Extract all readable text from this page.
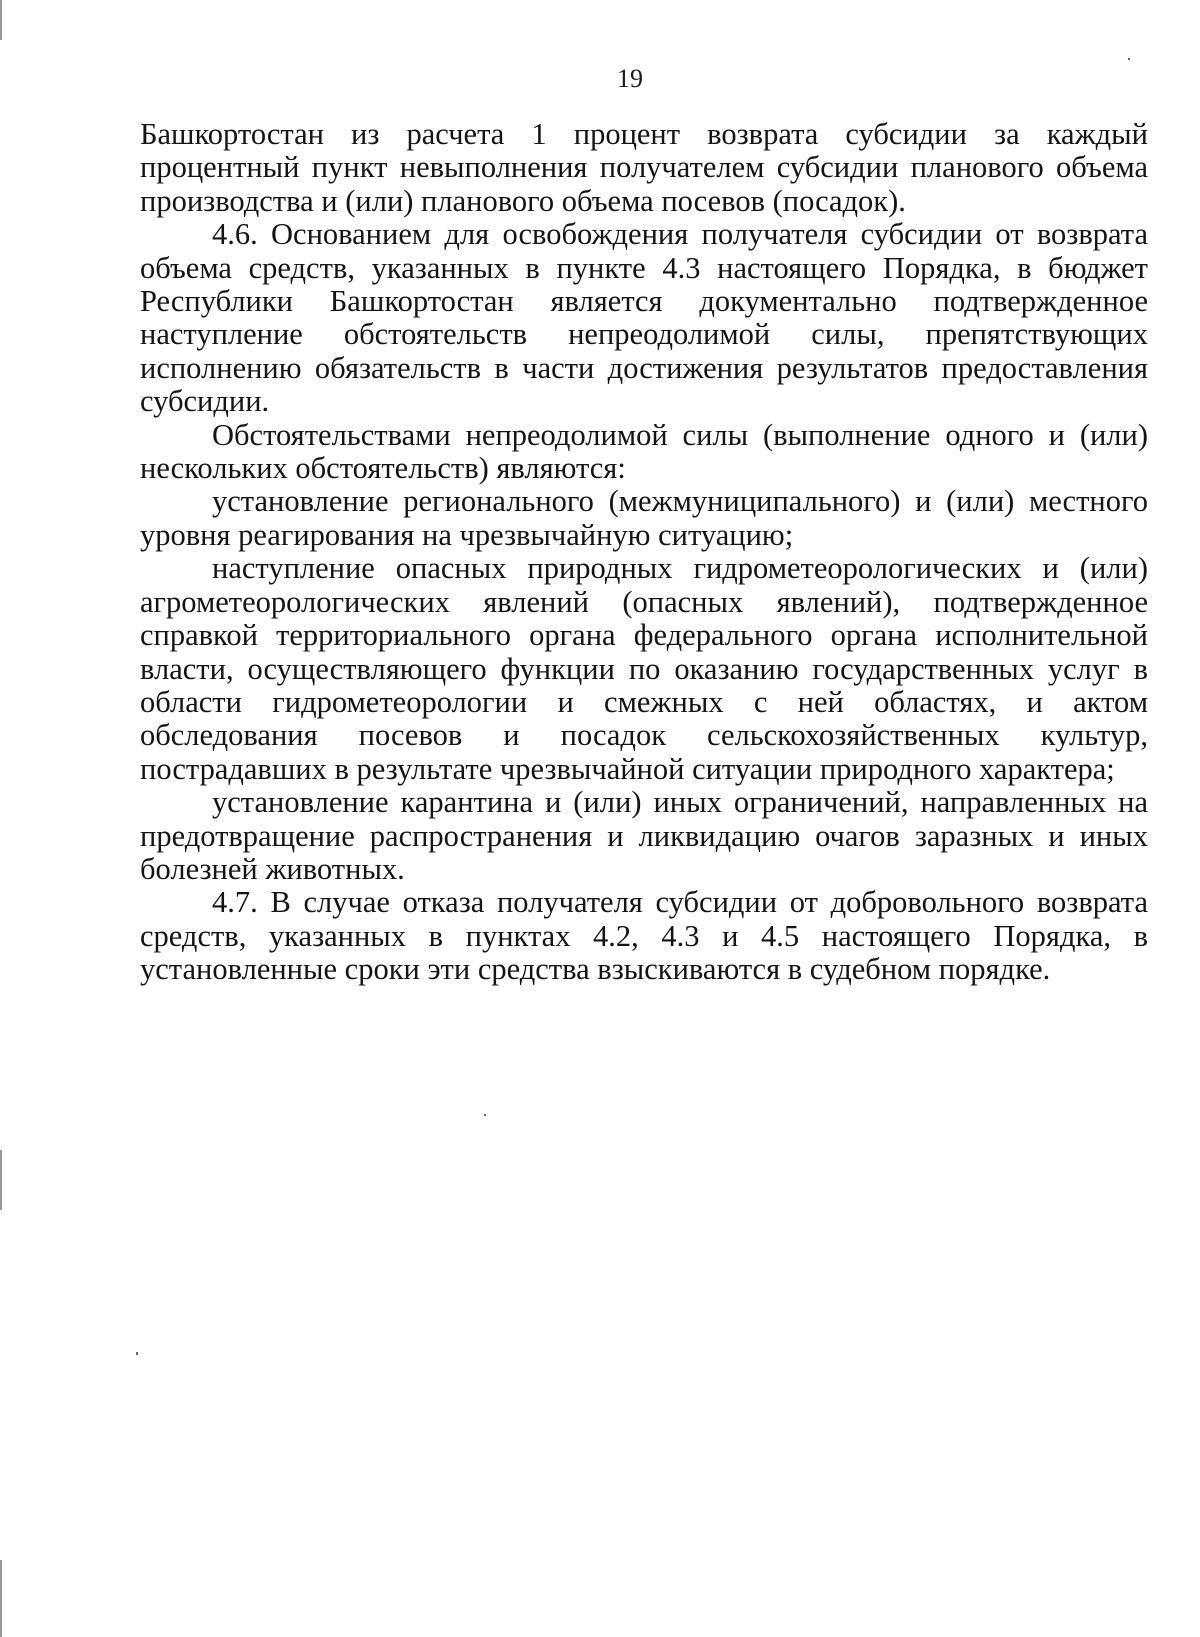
19

Башкортостан из расчета 1 процент возврата субсидии за каждый процентный пункт невыполнения получателем субсидии планового объема производства и (или) планового объема посевов (посадок).

4.6. Основанием для освобождения получателя субсидии от возврата объема средств, указанных в пункте 4.3 настоящего Порядка, в бюджет Республики Башкортостан является документально подтвержденное наступление обстоятельств непреодолимой силы, препятствующих исполнению обязательств в части достижения результатов предоставления субсидии.

Обстоятельствами непреодолимой силы (выполнение одного и (или) нескольких обстоятельств) являются:

установление регионального (межмуниципального) и (или) местного уровня реагирования на чрезвычайную ситуацию;

наступление опасных природных гидрометеорологических и (или) агрометеорологических явлений (опасных явлений), подтвержденное справкой территориального органа федерального органа исполнительной власти, осуществляющего функции по оказанию государственных услуг в области гидрометеорологии и смежных с ней областях, и актом обследования посевов и посадок сельскохозяйственных культур, пострадавших в результате чрезвычайной ситуации природного характера;

установление карантина и (или) иных ограничений, направленных на предотвращение распространения и ликвидацию очагов заразных и иных болезней животных.

4.7. В случае отказа получателя субсидии от добровольного возврата средств, указанных в пунктах 4.2, 4.3 и 4.5 настоящего Порядка, в установленные сроки эти средства взыскиваются в судебном порядке.
